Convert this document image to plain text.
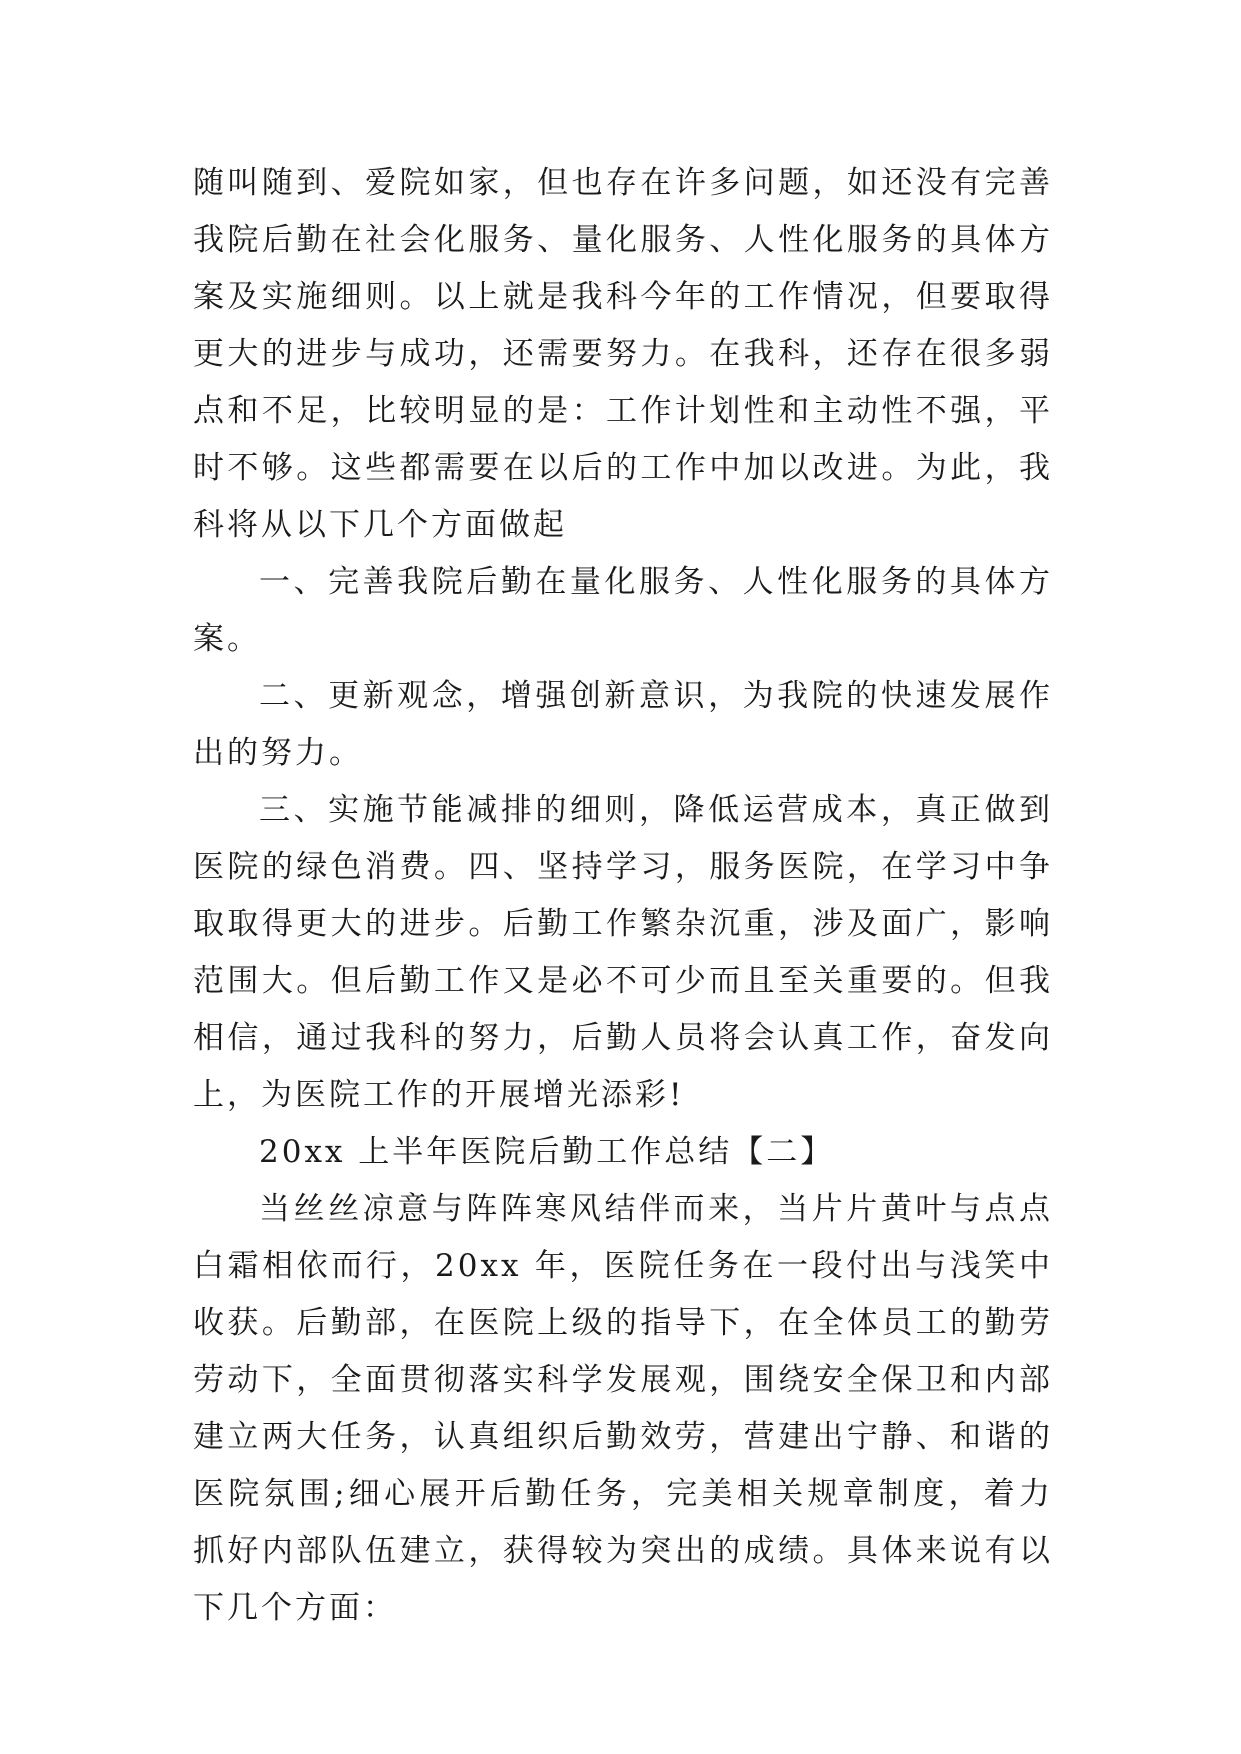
随叫随到、爱院如家，但也存在许多问题，如还没有完善我院后勤在社会化服务、量化服务、人性化服务的具体方案及实施细则。以上就是我科今年的工作情况，但要取得更大的进步与成功，还需要努力。在我科，还存在很多弱点和不足，比较明显的是：工作计划性和主动性不强，平时不够。这些都需要在以后的工作中加以改进。为此，我科将从以下几个方面做起

一、完善我院后勤在量化服务、人性化服务的具体方案。

二、更新观念，增强创新意识，为我院的快速发展作出的努力。

三、实施节能减排的细则，降低运营成本，真正做到医院的绿色消费。四、坚持学习，服务医院，在学习中争取取得更大的进步。后勤工作繁杂沉重，涉及面广，影响范围大。但后勤工作又是必不可少而且至关重要的。但我相信，通过我科的努力，后勤人员将会认真工作，奋发向上，为医院工作的开展增光添彩!

20xx 上半年医院后勤工作总结【二】

当丝丝凉意与阵阵寒风结伴而来，当片片黄叶与点点白霜相依而行，20xx 年，医院任务在一段付出与浅笑中收获。后勤部，在医院上级的指导下，在全体员工的勤劳劳动下，全面贯彻落实科学发展观，围绕安全保卫和内部建立两大任务，认真组织后勤效劳，营建出宁静、和谐的医院氛围;细心展开后勤任务，完美相关规章制度，着力抓好内部队伍建立，获得较为突出的成绩。具体来说有以下几个方面：
